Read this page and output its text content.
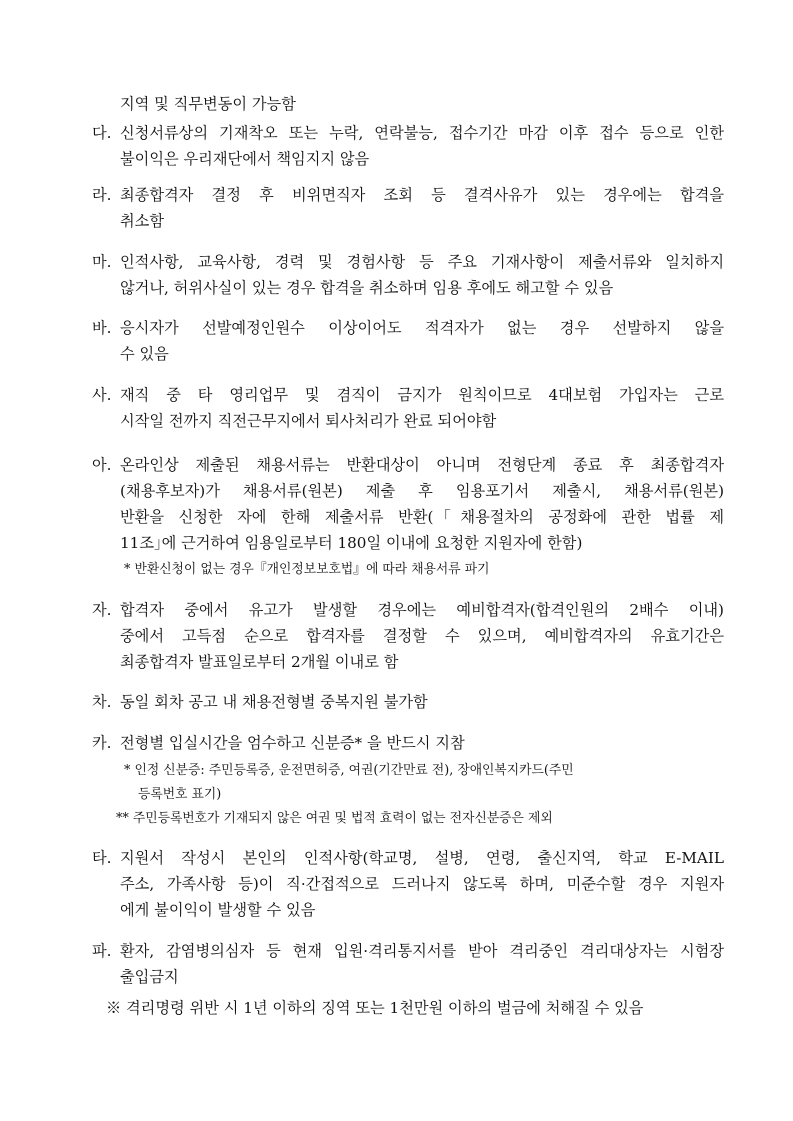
지역 및 직무변동이 가능함
다. 신청서류상의 기재착오 또는 누락, 연락불능, 접수기간 마감 이후 접수 등으로 인한
불이익은 우리재단에서 책임지지 않음
라. 최종합격자 결정 후 비위면직자 조회 등 결격사유가 있는 경우에는 합격을
취소함
마. 인적사항, 교육사항, 경력 및 경험사항 등 주요 기재사항이 제출서류와 일치하지
않거나, 허위사실이 있는 경우 합격을 취소하며 임용 후에도 해고할 수 있음
바. 응시자가 선발예정인원수 이상이어도 적격자가 없는 경우 선발하지 않을
수 있음
사. 재직 중 타 영리업무 및 겸직이 금지가 원칙이므로 4대보험 가입자는 근로
시작일 전까지 직전근무지에서 퇴사처리가 완료 되어야함
아. 온라인상 제출된 채용서류는 반환대상이 아니며 전형단계 종료 후 최종합격자
(채용후보자)가 채용서류(원본) 제출 후 임용포기서 제출시, 채용서류(원본)
반환을 신청한 자에 한해 제출서류 반환(｢채용절차의 공정화에 관한 법률 제
11조｣에 근거하여 임용일로부터 180일 이내에 요청한 지원자에 한함)
* 반환신청이 없는 경우『개인정보보호법』에 따라 채용서류 파기
자. 합격자 중에서 유고가 발생할 경우에는 예비합격자(합격인원의 2배수 이내)
중에서 고득점 순으로 합격자를 결정할 수 있으며, 예비합격자의 유효기간은
최종합격자 발표일로부터 2개월 이내로 함
차. 동일 회차 공고 내 채용전형별 중복지원 불가함
카. 전형별 입실시간을 엄수하고 신분증* 을 반드시 지참
* 인정 신분증: 주민등록증, 운전면허증, 여권(기간만료 전), 장애인복지카드(주민
등록번호 표기)
** 주민등록번호가 기재되지 않은 여권 및 법적 효력이 없는 전자신분증은 제외
타. 지원서 작성시 본인의 인적사항(학교명, 설병, 연령, 출신지역, 학교 E-MAIL
주소, 가족사항 등)이 직·간접적으로 드러나지 않도록 하며, 미준수할 경우 지원자
에게 불이익이 발생할 수 있음
파. 환자, 감염병의심자 등 현재 입원·격리통지서를 받아 격리중인 격리대상자는 시험장
출입금지
※ 격리명령 위반 시 1년 이하의 징역 또는 1천만원 이하의 벌금에 처해질 수 있음
